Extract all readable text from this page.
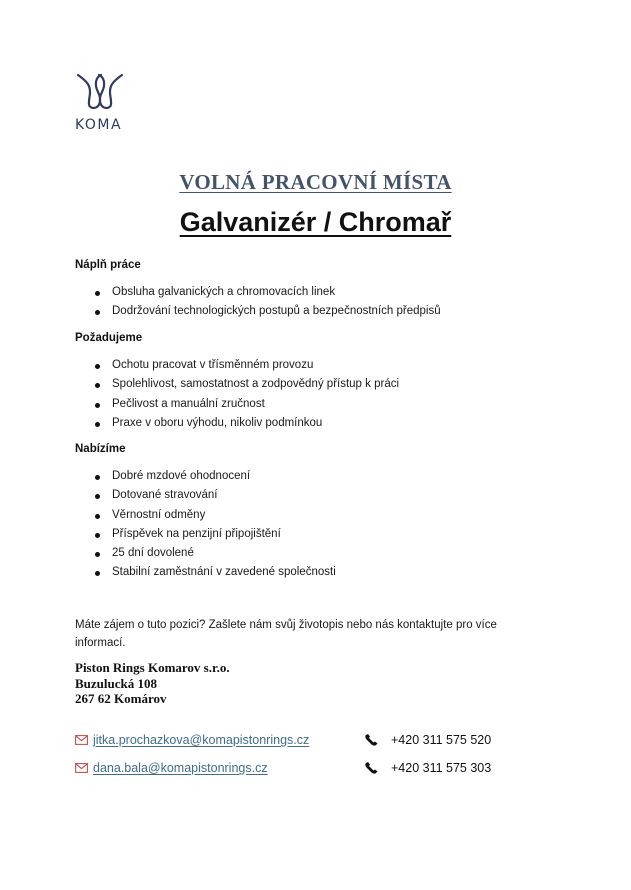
KOMA
VOLNÁ PRACOVNÍ MÍSTA
Galvanizér / Chromař
Náplň práce
Obsluha galvanických a chromovacích linek
Dodržování technologických postupů a bezpečnostních předpisů
Požadujeme
Ochotu pracovat v třísměnném provozu
Spolehlivost, samostatnost a zodpovědný přístup k práci
Pečlivost a manuální zručnost
Praxe v oboru výhodu, nikoliv podmínkou
Nabízíme
Dobré mzdové ohodnocení
Dotované stravování
Věrnostní odměny
Příspěvek na penzijní připojištění
25 dní dovolené
Stabilní zaměstnání v zavedené společnosti
Máte zájem o tuto pozici? Zašlete nám svůj životopis nebo nás kontaktujte pro více informací.
Piston Rings Komarov s.r.o.
Buzulucká 108
267 62 Komárov
jitka.prochazkova@komapistonrings.cz	+420 311 575 520
dana.bala@komapistonrings.cz	+420 311 575 303
